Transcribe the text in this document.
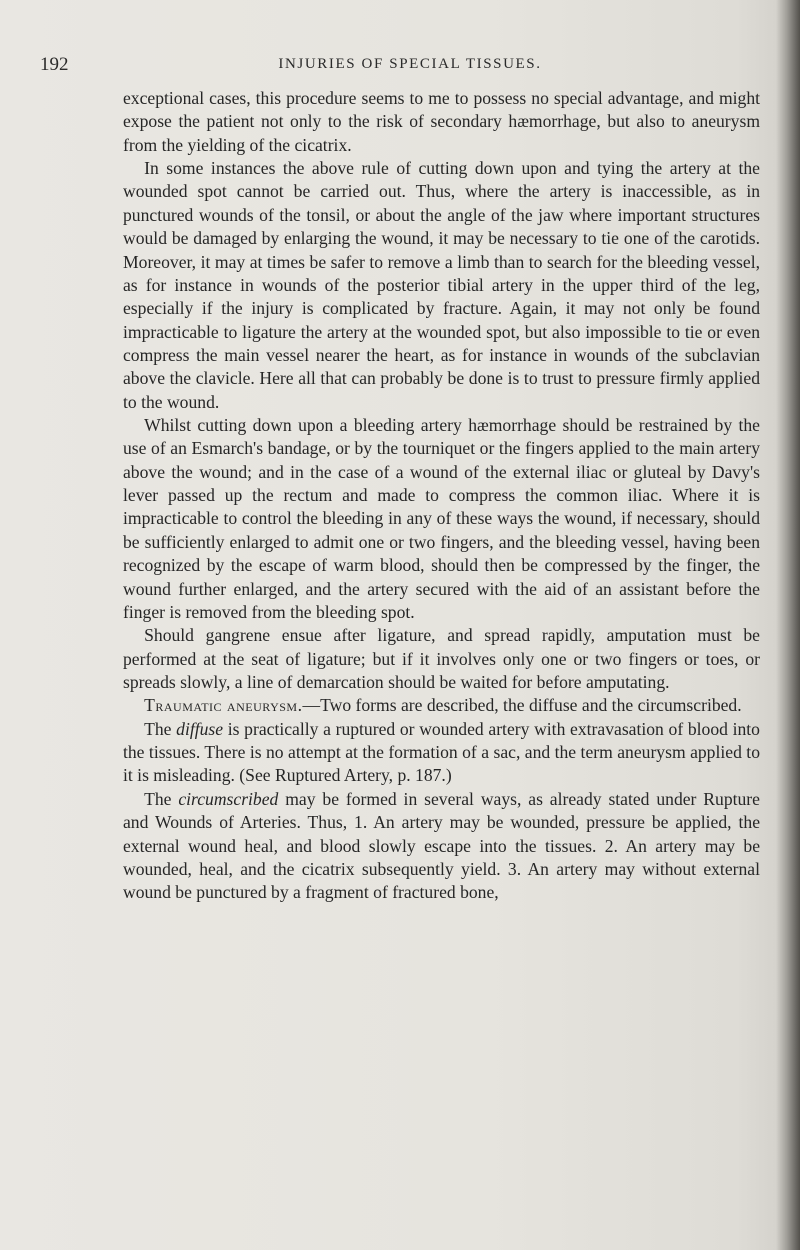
192	INJURIES OF SPECIAL TISSUES.

exceptional cases, this procedure seems to me to possess no special advantage, and might expose the patient not only to the risk of secondary hæmorrhage, but also to aneurysm from the yielding of the cicatrix.

In some instances the above rule of cutting down upon and tying the artery at the wounded spot cannot be carried out. Thus, where the artery is inaccessible, as in punctured wounds of the tonsil, or about the angle of the jaw where important structures would be damaged by enlarging the wound, it may be necessary to tie one of the carotids. Moreover, it may at times be safer to remove a limb than to search for the bleeding vessel, as for instance in wounds of the posterior tibial artery in the upper third of the leg, especially if the injury is complicated by fracture. Again, it may not only be found impracticable to ligature the artery at the wounded spot, but also impossible to tie or even compress the main vessel nearer the heart, as for instance in wounds of the subclavian above the clavicle. Here all that can probably be done is to trust to pressure firmly applied to the wound.

Whilst cutting down upon a bleeding artery hæmorrhage should be restrained by the use of an Esmarch's bandage, or by the tourniquet or the fingers applied to the main artery above the wound; and in the case of a wound of the external iliac or gluteal by Davy's lever passed up the rectum and made to compress the common iliac. Where it is impracticable to control the bleeding in any of these ways the wound, if necessary, should be sufficiently enlarged to admit one or two fingers, and the bleeding vessel, having been recognized by the escape of warm blood, should then be compressed by the finger, the wound further enlarged, and the artery secured with the aid of an assistant before the finger is removed from the bleeding spot.

Should gangrene ensue after ligature, and spread rapidly, amputation must be performed at the seat of ligature; but if it involves only one or two fingers or toes, or spreads slowly, a line of demarcation should be waited for before amputating.

Traumatic aneurysm.—Two forms are described, the diffuse and the circumscribed.

The diffuse is practically a ruptured or wounded artery with extravasation of blood into the tissues. There is no attempt at the formation of a sac, and the term aneurysm applied to it is misleading. (See Ruptured Artery, p. 187.)

The circumscribed may be formed in several ways, as already stated under Rupture and Wounds of Arteries. Thus, 1. An artery may be wounded, pressure be applied, the external wound heal, and blood slowly escape into the tissues. 2. An artery may be wounded, heal, and the cicatrix subsequently yield. 3. An artery may without external wound be punctured by a fragment of fractured bone,
